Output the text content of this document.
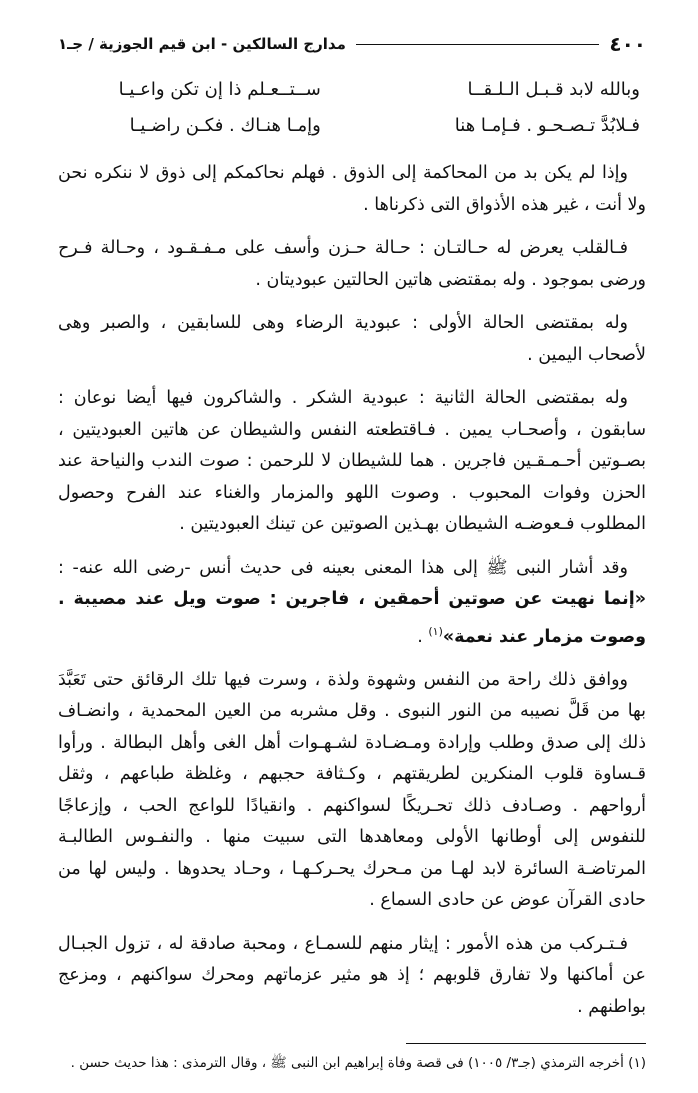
٤٠٠
مدارج السالكين - ابن قيم الجوزية / جـ١
وبالله لابد قـبـل الـلـقــا
ســتــعـلم ذا إن تكن واعـيـا
فـلابُدَّ تـصـحـو . فـإمـا هنا
وإمـا هنـاك . فكـن راضـيـا

وإذا لم يكن بد من المحاكمة إلى الذوق . فهلم نحاكمكم إلى ذوق لا ننكره نحن ولا أنت ، غير هذه الأذواق التى ذكرناها .

فـالقلب يعرض له حـالتـان : حـالة حـزن وأسف على مـفـقـود ، وحـالة فـرح ورضى بموجود . وله بمقتضى هاتين الحالتين عبوديتان .

وله بمقتضى الحالة الأولى : عبودية الرضاء وهى للسابقين ، والصبر وهى لأصحاب اليمين .

وله بمقتضى الحالة الثانية : عبودية الشكر . والشاكرون فيها أيضا نوعان : سابقون ، وأصحـاب يمين . فـاقتطعته النفس والشيطان عن هاتين العبوديتين ، بصـوتين أحـمـقـين فاجرين . هما للشيطان لا للرحمن : صوت الندب والنياحة عند الحزن وفوات المحبوب . وصوت اللهو والمزمار والغناء عند الفرح وحصول المطلوب فـعوضـه الشيطان بهـذين الصوتين عن تينك العبوديتين .

وقد أشار النبى ﷺ إلى هذا المعنى بعينه فى حديث أنس -رضى الله عنه- : «إنما نهيت عن صوتين أحمقين ، فاجرين : صوت ويل عند مصيبة . وصوت مزمار عند نعمة»$^{(١)}$ .

ووافق ذلك راحة من النفس وشهوة ولذة ، وسرت فيها تلك الرقائق حتى تَعَبَّدَ بها من قَلَّ نصيبه من النور النبوى . وقل مشربه من العين المحمدية ، وانضـاف ذلك إلى صدق وطلب وإرادة ومـضـادة لشـهـوات أهل الغى وأهل البطالة . ورأوا قـساوة قلوب المنكرين لطريقتهم ، وكـثافة حجبهم ، وغلظة طباعهم ، وثقل أرواحهم . وصـادف ذلك تحـريكًا لسواكنهم . وانقيادًا للواعج الحب ، وإزعاجًا للنفوس إلى أوطانها الأولى ومعاهدها التى سبيت منها . والنفـوس الطالبـة المرتاضـة السائرة لابد لهـا من مـحرك يحـركـهـا ، وحـاد يحدوها . وليس لها من حادى القرآن عوض عن حادى السماع .

فـتـركب من هذه الأمور : إيثار منهم للسمـاع ، ومحبة صادقة له ، تزول الجبـال عن أماكنها ولا تفارق قلوبهم ؛ إذ هو مثير عزماتهم ومحرك سواكنهم ، ومزعج بواطنهم .

(١) أخرجه الترمذي (جـ٣/ ١٠٠٥) فى قصة وفاة إبراهيم ابن النبى ﷺ ، وقال الترمذى : هذا حديث حسن .
